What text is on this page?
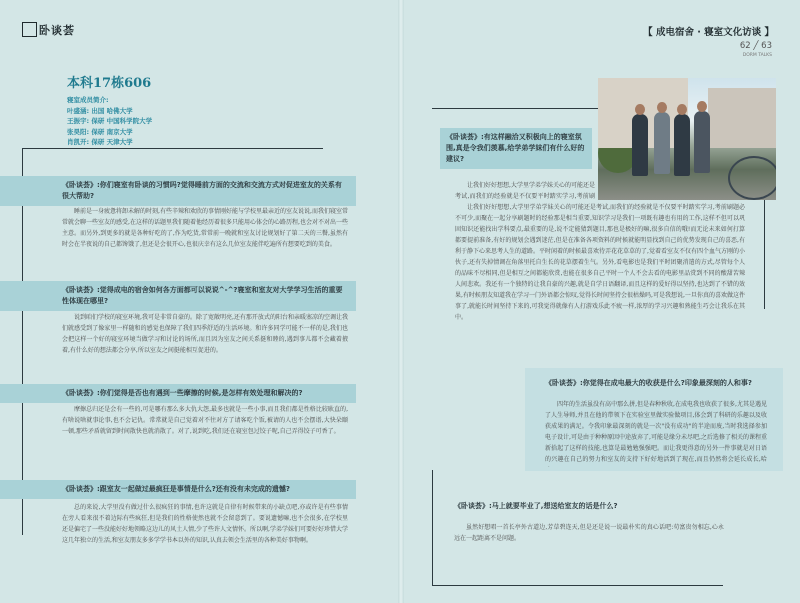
卧谈荟	【 成电宿舍 · 寝室文化访谈 】
62 ╱ 63
DORM TALKS
本科17栋606
寝室成员简介:
叶盛涵: 出国 哈佛大学
王振宇: 保研 中国科学院大学
张昊阳: 保研 南京大学
肖凯开: 保研 天津大学
《卧谈荟》:你们寝室有卧谈的习惯吗?觉得睡前方面的交流和交流方式对促进室友的关系有很大帮助?
睡前是一身疲惫将卸未解的时刻,有些辛辣和欢欣的事情刚好能与学校里最亲近的室友说说,而我们寝室常常就会聊一些室友的感受,在这样的话题里我们随着他经历着很多只能用心体会的心路历程,也会对不对出一些主意。而另外,到更多的就是各种好吃的了,作为吃货,常常前一晚就和室友讨论规划好了第二天的三餐,虽然有时会在半夜说的自己都馋饿了,但还是会很开心,也很庆幸有这么几位室友能伴吃遍所有想要吃到的美食。
《卧谈荟》:觉得成电的宿舍如何各方面都可以说说^-^?寝室和室友对大学学习生活的重要性体现在哪里?
说到咱们学校的寝室环境,我可是非常自豪的。除了宽敞明亮,还有那开放式的阳台和亲暖塞凉的空调让我们就感受到了像家里一样随和的感觉也保障了我们四季舒适的生活环境。和许多同学可能不一样的是,我们也会把这样一个好的寝室环境当做学习和讨论的场所,而且因为室友之间关系挺和睦的,遇到事儿都不会藏着掖着,有什么好的想法都会分享,所以室友之间挺能相互促进的。
《卧谈荟》:你们觉得是否也有遇到一些摩擦的时候,是怎样有效处理和解决的?
摩擦总归还是会有一些的,可是哪有那么多大仇大怨,最多也就是一些小事,而且我们都是性格比较耿直的,有啥说啥就事论事,也不会记仇。常常就是自己觉着对不往对方了请客吃个饭,被请的人也不会摆谱,大快朵颐一顿,那些矛盾就留到时间散快也就消散了。对了,说到吃,我们还在寝室包过饺子呢,自己弄得饺子可香了。
《卧谈荟》:跟室友一起做过最疯狂是事情是什么?还有没有未完成的遗憾?
总的来说,大学里没有做过什么很疯狂的事情,也许这就是自律有时候带来的小缺点吧,亦或许是有些事情在旁人看来很不着边际有些疯狂,但是我们的性格使然也就不会留意到了。要说遗憾嘛,也不会很多,在学校里还是偏宅了一些没能好好地领略这边儿的风土人情,少了些许人文情怀。所以啊,学弟学妹们可要好好珍惜大学这几年独立的生活,和室友朋友多多学学书本以外的知识,认真去领会生活里的各种美好事物啊。
《卧谈荟》:有这样融洽又积极向上的寝室氛围,真是令我们羡慕,给学弟学妹们有什么好的建议?
让我们好好想想,大学里学弟学妹关心的可能还是考试,而我们的经验就是不仅要平时踏实学习,考前刷
让我们好好想想,大学里学弟学妹关心的可能还是考试,而我们的经验就是不仅要平时踏实学习,考前刷题必不可少,而聚在一起分享刷题时的经验那是相当重要,知识学习是我们一项既有趣也有用的工作,这样不但可以巩固知识还能找出学科要点,最重要的是,说不定能猜到题目,那也是极好的嘛,很多自信的哦!而无论未来如何打算都要提前准备,有好的规划会遇到迷茫,但是在准备各项资料的时候就能明显找到自己的优势发现自己的喜恶,有利于静下心来思考人生的道路。平时闲着的时候最喜欢待弄花花草草的了,觉着看室友不仅有四个血气方刚的小伙子,还有失掉情调在角落里托自生长的花草摆着生气。另外,看电影也是我们平时团聚消遣的方式,尽管每个人的品味不尽相同,但是相互之间都能欣赏,也能在很多自己平时一个人不会去看的电影里品赏到不同的酸甜苦辣人间悲欢。我还有一个独特的让我自豪的兴趣,就是自学日语翻译,而且这样的爱好得以坚持,也达到了不错的效果,有时候朋友知道我在学习一门外语都会惊叹,觉得长时间坚持会很枯燥吗,可是我想说,一旦你真的喜欢做这件事了,就能长时间坚持下来的,可我觉得就像有人打游戏乐此不疲一样,浓厚的学习兴趣和熟能生巧会让我乐在其中。
《卧谈荟》:你觉得在成电最大的收获是什么?印象最深刻的人和事?
四年的生活虽没有高中那么拼,但是春种秋收,在成电我也收获了很多,尤其是遇见了人生导师,并且在他的带领下在实验室里做实验做项目,体会到了科研的乐趣以及收获成果的满足。令我印象最深刻的就是一次"没有成功"的半途而废,当时我选择参加电子设计,可是由于种种原因中途放弃了,可能是缘分未尽吧,之后选修了相关的课程重新拾起了这样的技能,也算是最勉勉强强吧。而让我更得意的另外一件事就是对日语的兴趣在自己的努力和室友的支持下好好地活到了现在,而且仍然将会延长成长,哈
《卧谈荟》:马上就要毕业了,想送给室友的话是什么?
虽然好想唱一首长亭外古道边,芳草碧连天,但是还是说一说最朴实的真心话吧:苟富贵勿相忘,心永远在一起距离不是问题。
